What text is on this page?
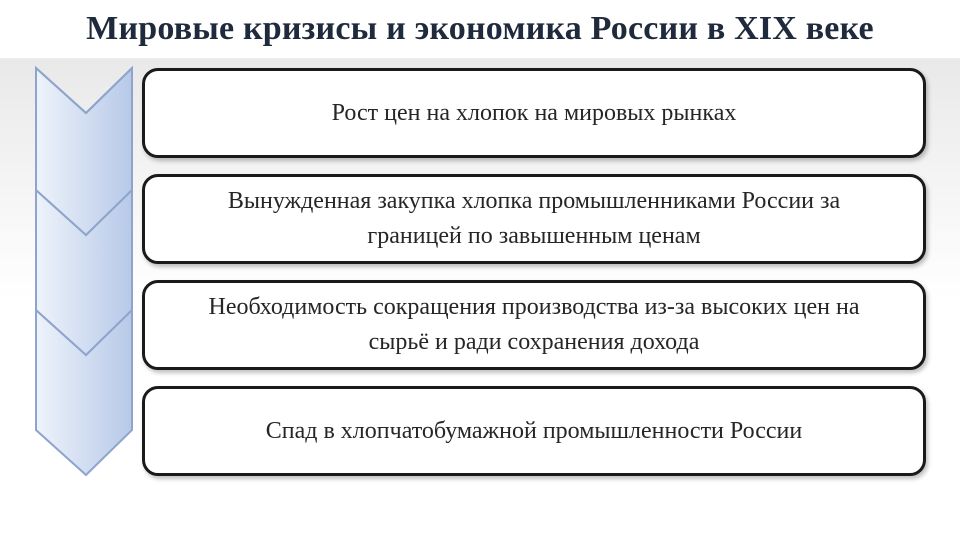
Мировые кризисы и экономика России в XIX веке
Рост цен на хлопок на мировых рынках
Вынужденная закупка хлопка промышленниками России за границей по завышенным ценам
Необходимость сокращения производства из-за высоких цен на сырьё и ради сохранения дохода
Спад в хлопчатобумажной промышленности России
